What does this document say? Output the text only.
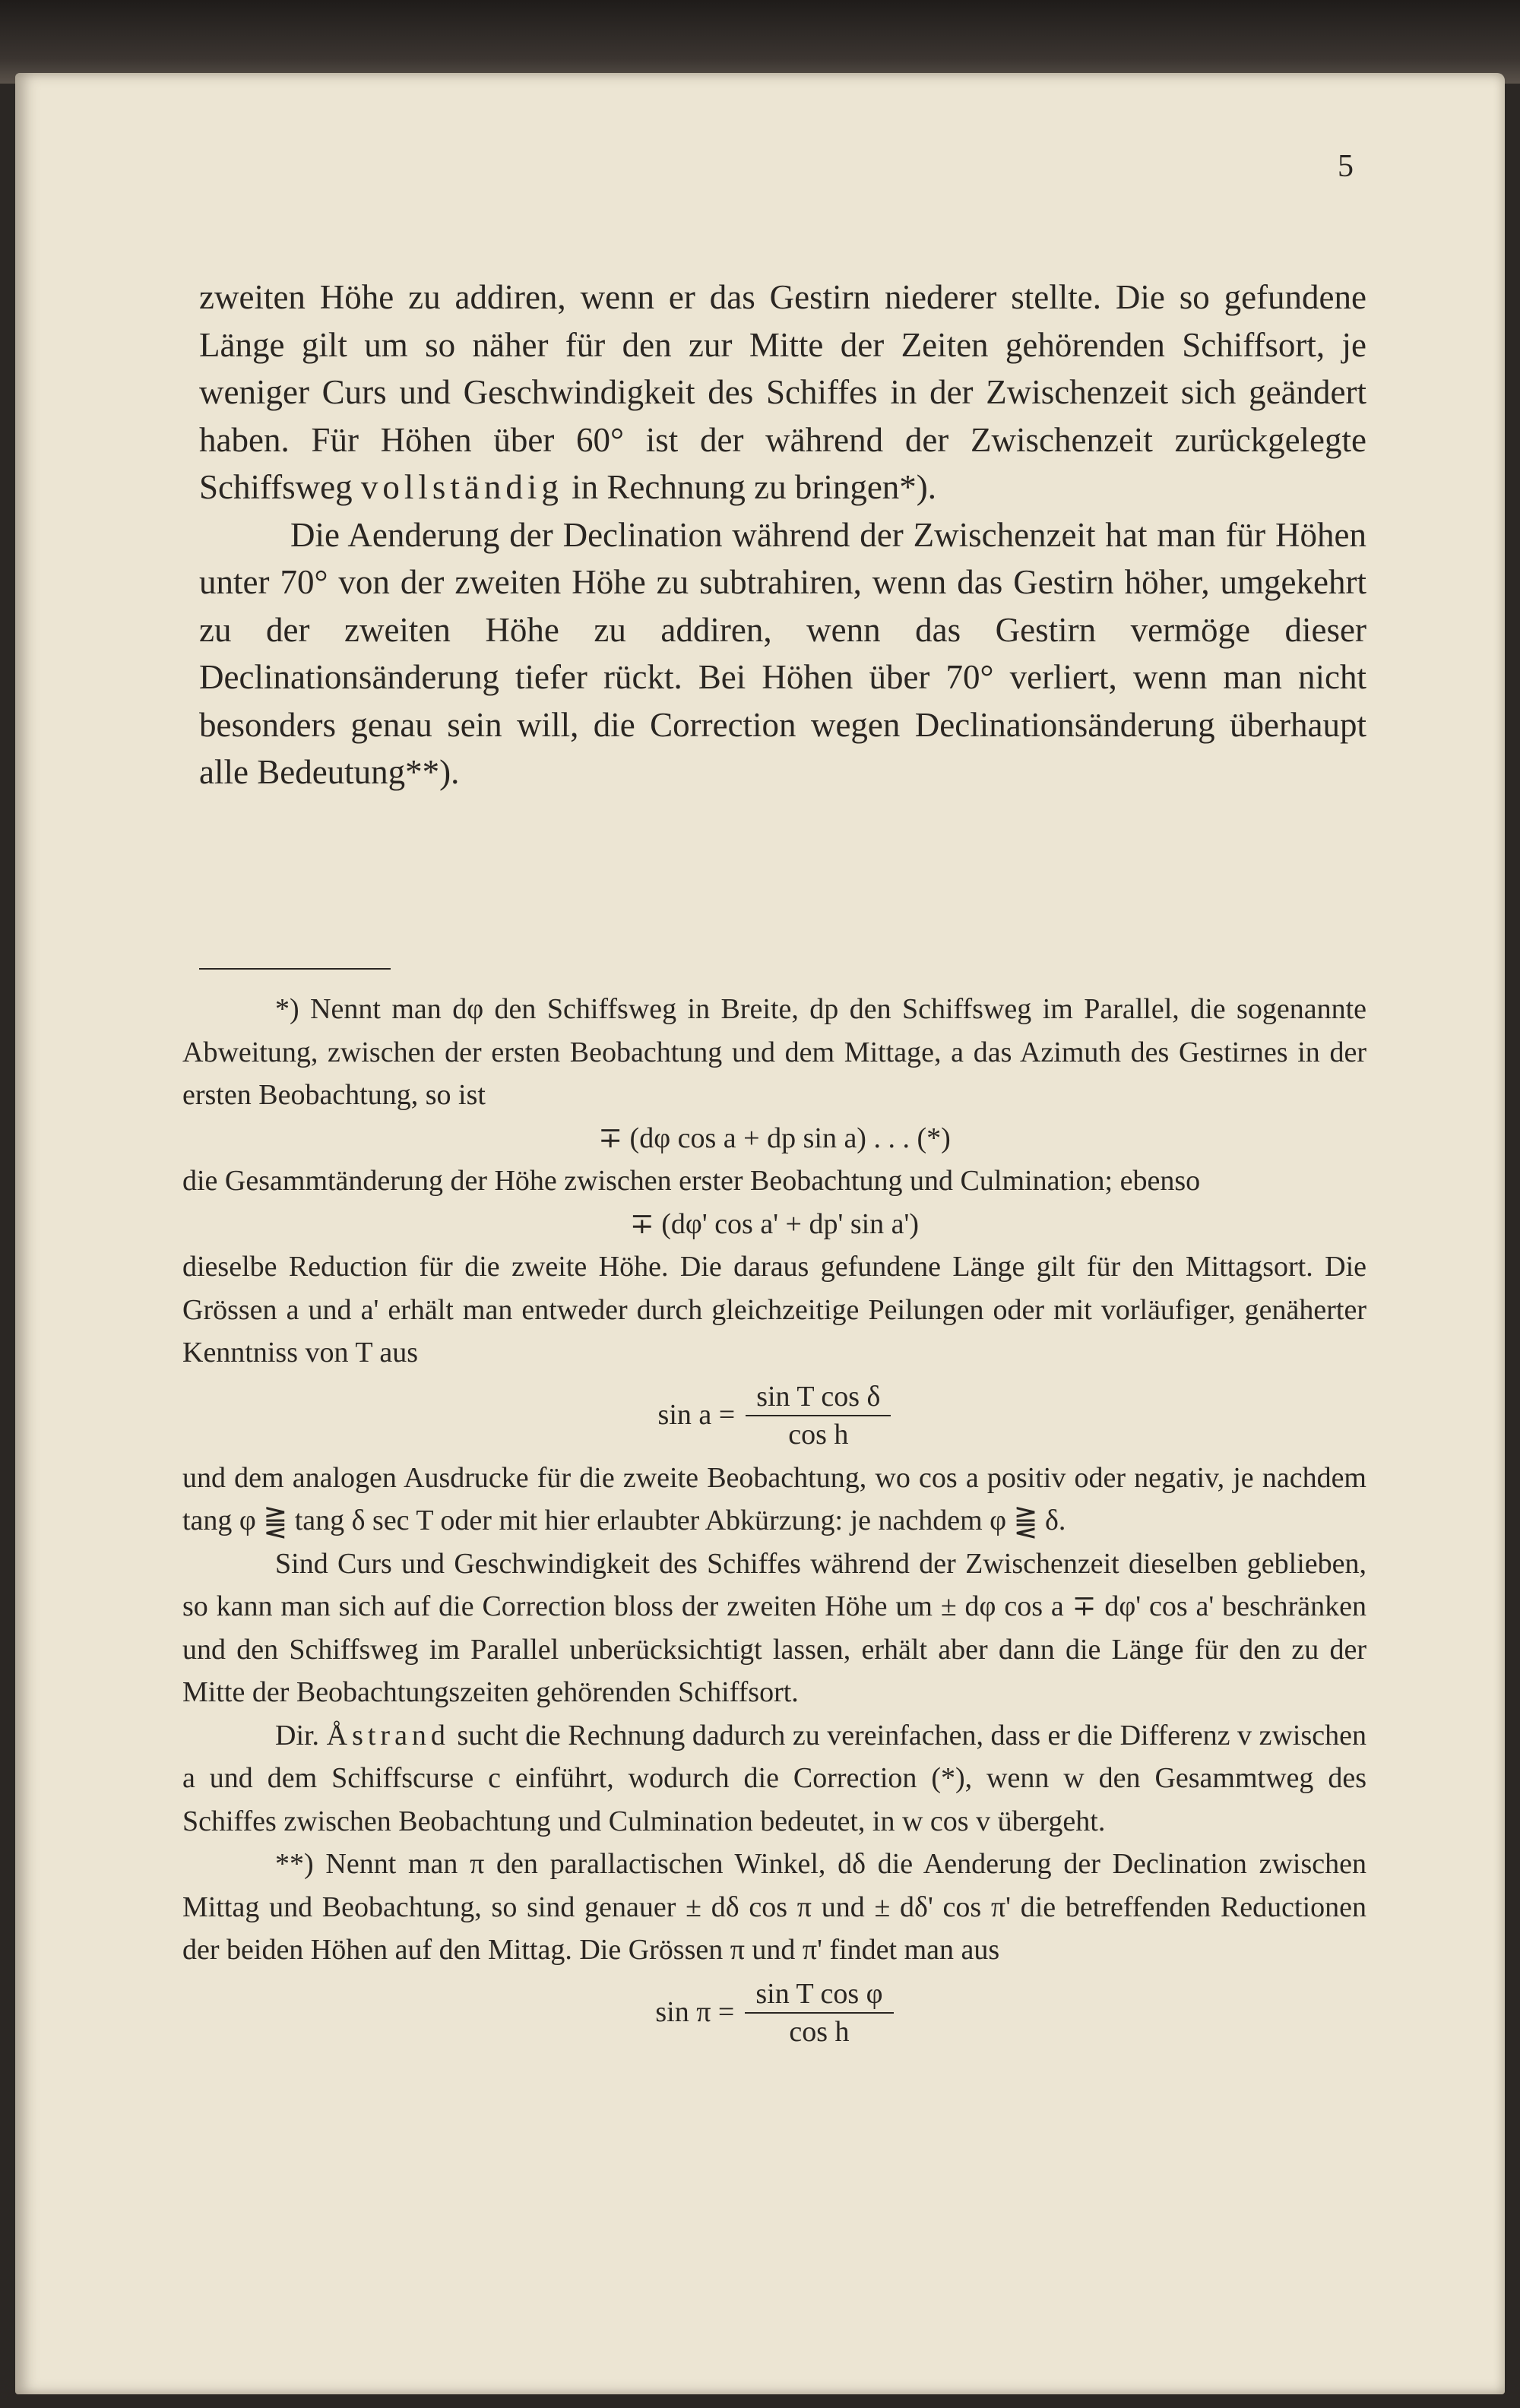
5

zweiten Höhe zu addiren, wenn er das Gestirn niederer stellte. Die so gefundene Länge gilt um so näher für den zur Mitte der Zeiten gehörenden Schiffsort, je weniger Curs und Geschwindigkeit des Schiffes in der Zwischenzeit sich geändert haben. Für Höhen über 60° ist der während der Zwischenzeit zurückgelegte Schiffsweg vollständig in Rechnung zu bringen*).

Die Aenderung der Declination während der Zwischenzeit hat man für Höhen unter 70° von der zweiten Höhe zu subtrahiren, wenn das Gestirn höher, umgekehrt zu der zweiten Höhe zu addiren, wenn das Gestirn vermöge dieser Declinationsänderung tiefer rückt. Bei Höhen über 70° verliert, wenn man nicht besonders genau sein will, die Correction wegen Declinationsänderung überhaupt alle Bedeutung**).

*) Nennt man dφ den Schiffsweg in Breite, dp den Schiffsweg im Parallel, die sogenannte Abweitung, zwischen der ersten Beobachtung und dem Mittage, a das Azimuth des Gestirnes in der ersten Beobachtung, so ist

∓ (dφ cos a + dp sin a) . . . (*)

die Gesammtänderung der Höhe zwischen erster Beobachtung und Culmination; ebenso

∓ (dφ' cos a' + dp' sin a')

dieselbe Reduction für die zweite Höhe. Die daraus gefundene Länge gilt für den Mittagsort. Die Grössen a und a' erhält man entweder durch gleichzeitige Peilungen oder mit vorläufiger, genäherter Kenntniss von T aus

$\sin a = \frac{\text{sin T cos δ}}{\text{cos h}}$

und dem analogen Ausdrucke für die zweite Beobachtung, wo cos a positiv oder negativ, je nachdem tang φ ⪌ tang δ sec T oder mit hier erlaubter Abkürzung: je nachdem φ ⪌ δ.

Sind Curs und Geschwindigkeit des Schiffes während der Zwischenzeit dieselben geblieben, so kann man sich auf die Correction bloss der zweiten Höhe um ± dφ cos a ∓ dφ' cos a' beschränken und den Schiffsweg im Parallel unberücksichtigt lassen, erhält aber dann die Länge für den zu der Mitte der Beobachtungszeiten gehörenden Schiffsort.

Dir. Åstrand sucht die Rechnung dadurch zu vereinfachen, dass er die Differenz v zwischen a und dem Schiffscurse c einführt, wodurch die Correction (*), wenn w den Gesammtweg des Schiffes zwischen Beobachtung und Culmination bedeutet, in w cos v übergeht.

**) Nennt man π den parallactischen Winkel, dδ die Aenderung der Declination zwischen Mittag und Beobachtung, so sind genauer ± dδ cos π und ± dδ' cos π' die betreffenden Reductionen der beiden Höhen auf den Mittag. Die Grössen π und π' findet man aus

$\sin \pi = \frac{\text{sin T cos φ}}{\text{cos h}}$
